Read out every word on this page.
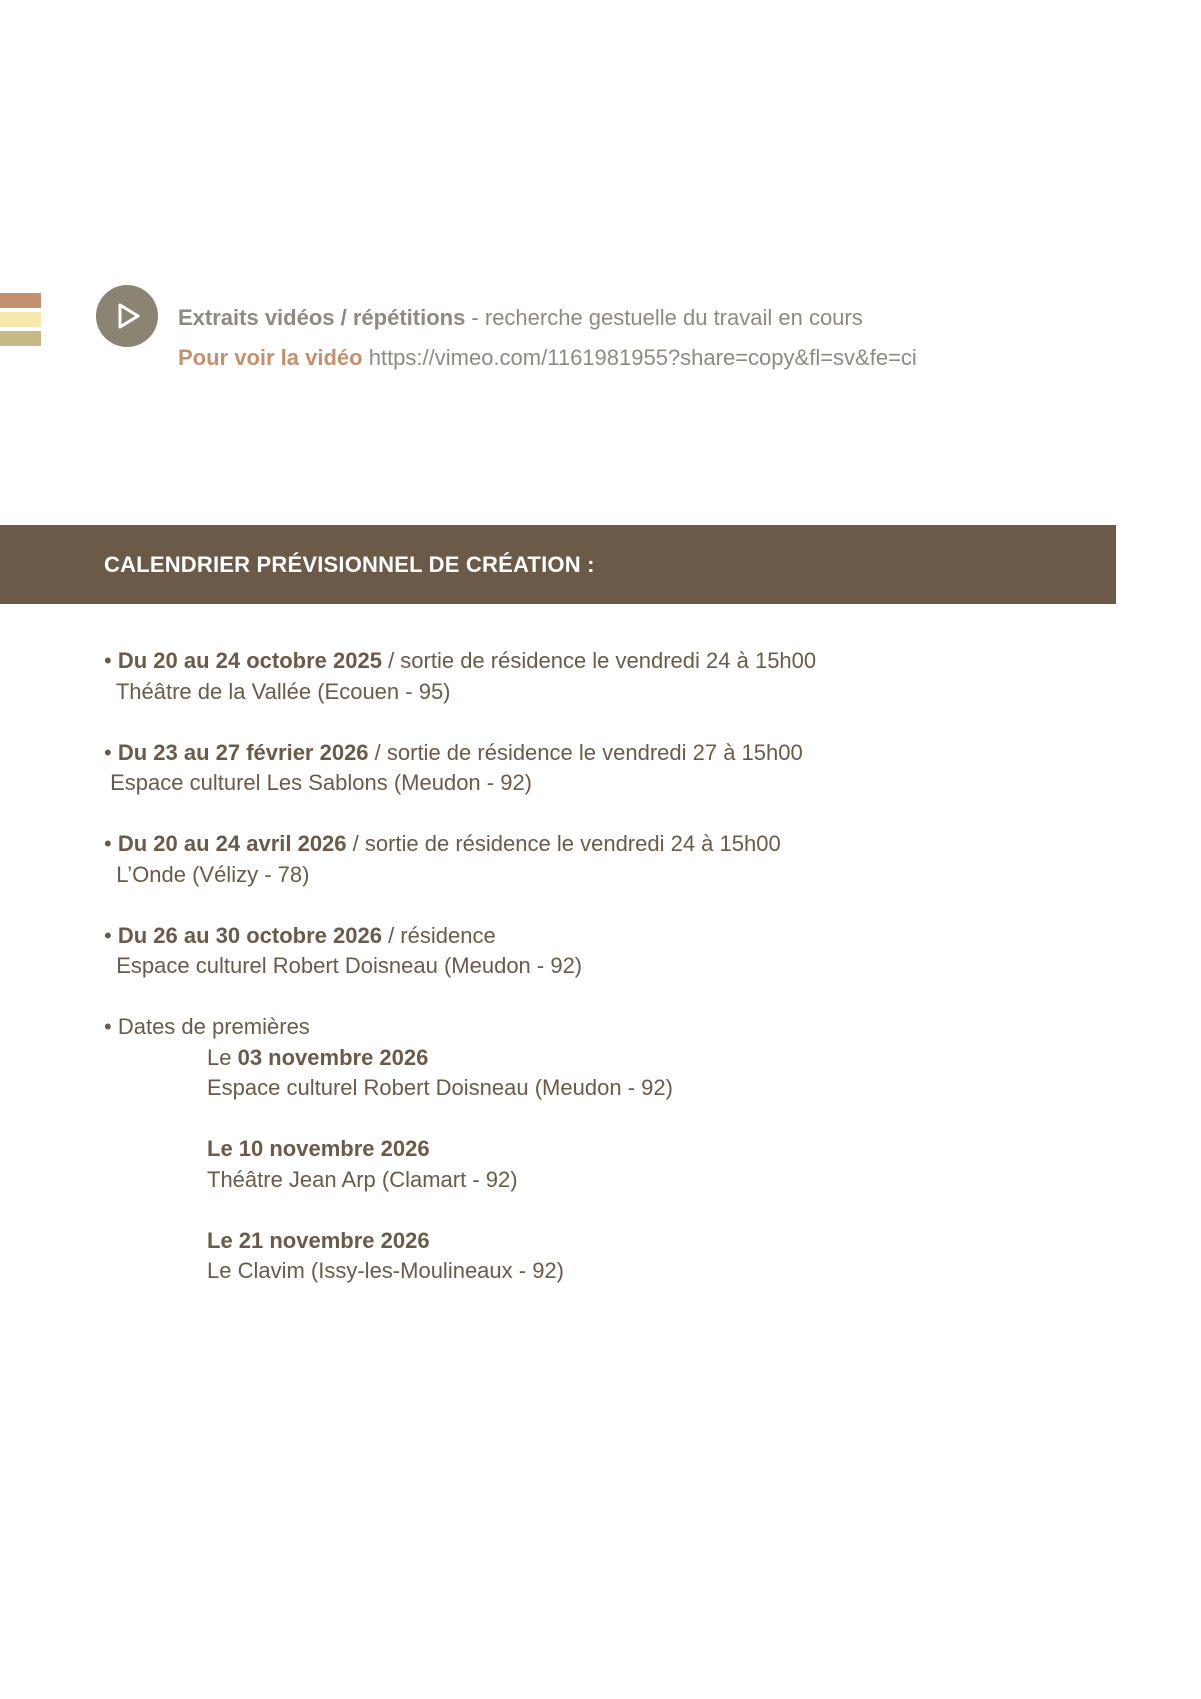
Extraits vidéos / répétitions - recherche gestuelle du travail en cours
Pour voir la vidéo https://vimeo.com/1161981955?share=copy&fl=sv&fe=ci
CALENDRIER PRÉVISIONNEL DE CRÉATION :
• Du 20 au 24 octobre 2025 / sortie de résidence le vendredi 24 à 15h00
Théâtre de la Vallée (Ecouen - 95)
• Du 23 au 27 février 2026 / sortie de résidence le vendredi 27 à 15h00
Espace culturel Les Sablons (Meudon - 92)
• Du 20 au 24 avril 2026 / sortie de résidence le vendredi 24 à 15h00
L’Onde (Vélizy - 78)
• Du 26 au 30 octobre 2026 / résidence
Espace culturel Robert Doisneau (Meudon - 92)
• Dates de premières
Le 03 novembre 2026
Espace culturel Robert Doisneau (Meudon - 92)
Le 10 novembre 2026
Théâtre Jean Arp (Clamart - 92)
Le 21 novembre 2026
Le Clavim (Issy-les-Moulineaux - 92)
